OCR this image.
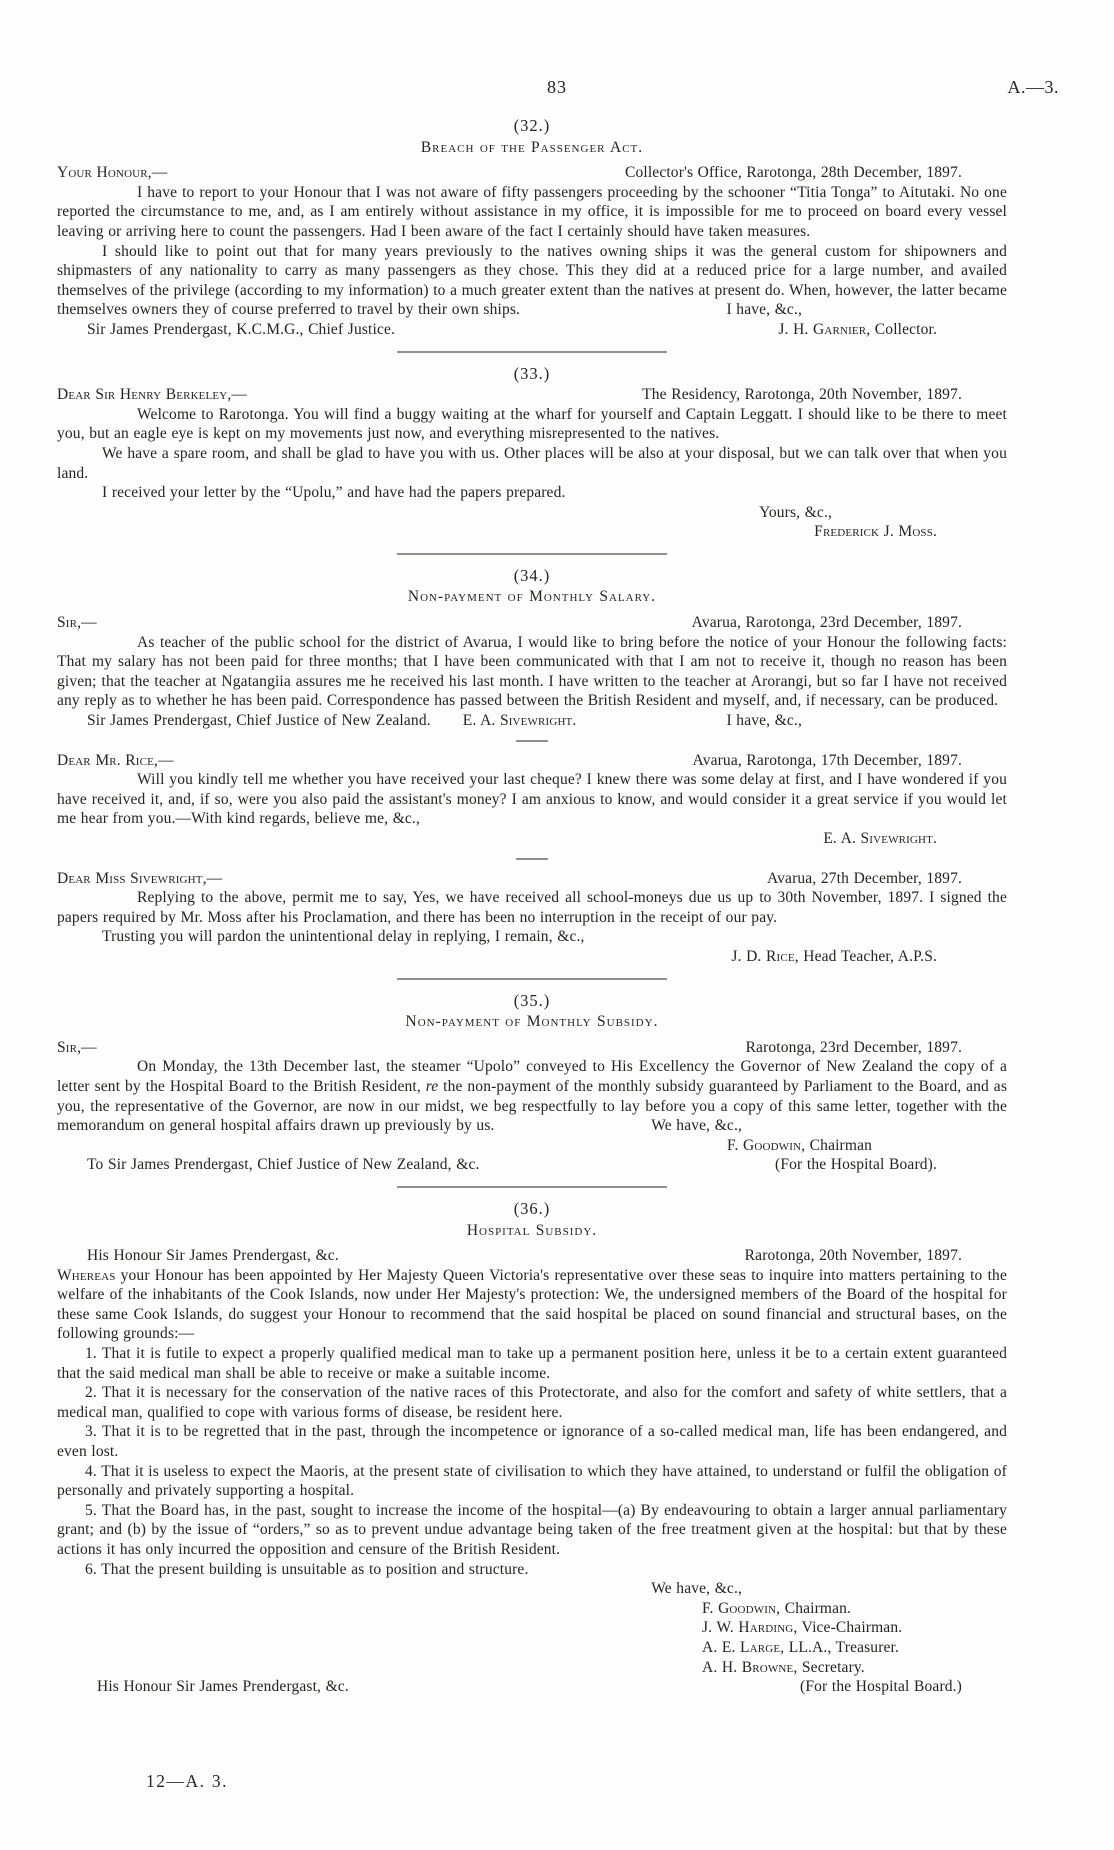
83	A.—3.
(32.)
Breach of the Passenger Act.
Your Honour,—	Collector's Office, Rarotonga, 28th December, 1897.

I have to report to your Honour that I was not aware of fifty passengers proceeding by the schooner “Titia Tonga” to Aitutaki. No one reported the circumstance to me, and, as I am entirely without assistance in my office, it is impossible for me to proceed on board every vessel leaving or arriving here to count the passengers. Had I been aware of the fact I certainly should have taken measures.

I should like to point out that for many years previously to the natives owning ships it was the general custom for shipowners and shipmasters of any nationality to carry as many passengers as they chose. This they did at a reduced price for a large number, and availed themselves of the privilege (according to my information) to a much greater extent than the natives at present do. When, however, the latter became themselves owners they of course preferred to travel by their own ships.	I have, &c.,

Sir James Prendergast, K.C.M.G., Chief Justice.	J. H. Garnier, Collector.
(33.)
Dear Sir Henry Berkeley,—	The Residency, Rarotonga, 20th November, 1897.

Welcome to Rarotonga. You will find a buggy waiting at the wharf for yourself and Captain Leggatt. I should like to be there to meet you, but an eagle eye is kept on my movements just now, and everything misrepresented to the natives.

We have a spare room, and shall be glad to have you with us. Other places will be also at your disposal, but we can talk over that when you land.

I received your letter by the “Upolu,” and have had the papers prepared.

Yours, &c.,
Frederick J. Moss.
(34.)
Non-payment of Monthly Salary.
Sir,—	Avarua, Rarotonga, 23rd December, 1897.

As teacher of the public school for the district of Avarua, I would like to bring before the notice of your Honour the following facts: That my salary has not been paid for three months; that I have been communicated with that I am not to receive it, though no reason has been given; that the teacher at Ngatangiia assures me he received his last month. I have written to the teacher at Arorangi, but so far I have not received any reply as to whether he has been paid. Correspondence has passed between the British Resident and myself, and, if necessary, can be produced.
I have, &c.,

Sir James Prendergast, Chief Justice of New Zealand. E. A. Sivewright.
Dear Mr. Rice,—	Avarua, Rarotonga, 17th December, 1897.

Will you kindly tell me whether you have received your last cheque? I knew there was some delay at first, and I have wondered if you have received it, and, if so, were you also paid the assistant's money? I am anxious to know, and would consider it a great service if you would let me hear from you.—With kind regards, believe me, &c.,

E. A. Sivewright.
Dear Miss Sivewright,—	Avarua, 27th December, 1897.

Replying to the above, permit me to say, Yes, we have received all school-moneys due us up to 30th November, 1897. I signed the papers required by Mr. Moss after his Proclamation, and there has been no interruption in the receipt of our pay.

Trusting you will pardon the unintentional delay in replying, I remain, &c.,

J. D. Rice, Head Teacher, A.P.S.
(35.)
Non-payment of Monthly Subsidy.
Sir,—	Rarotonga, 23rd December, 1897.

On Monday, the 13th December last, the steamer “Upolo” conveyed to His Excellency the Governor of New Zealand the copy of a letter sent by the Hospital Board to the British Resident, re the non-payment of the monthly subsidy guaranteed by Parliament to the Board, and as you, the representative of the Governor, are now in our midst, we beg respectfully to lay before you a copy of this same letter, together with the memorandum on general hospital affairs drawn up previously by us.	We have, &c.,

F. Goodwin, Chairman
To Sir James Prendergast, Chief Justice of New Zealand, &c.	(For the Hospital Board).
(36.)
Hospital Subsidy.
His Honour Sir James Prendergast, &c.	Rarotonga, 20th November, 1897.

Whereas your Honour has been appointed by Her Majesty Queen Victoria's representative over these seas to inquire into matters pertaining to the welfare of the inhabitants of the Cook Islands, now under Her Majesty's protection: We, the undersigned members of the Board of the hospital for these same Cook Islands, do suggest your Honour to recommend that the said hospital be placed on sound financial and structural bases, on the following grounds:—

1. That it is futile to expect a properly qualified medical man to take up a permanent position here, unless it be to a certain extent guaranteed that the said medical man shall be able to receive or make a suitable income.

2. That it is necessary for the conservation of the native races of this Protectorate, and also for the comfort and safety of white settlers, that a medical man, qualified to cope with various forms of disease, be resident here.

3. That it is to be regretted that in the past, through the incompetence or ignorance of a so-called medical man, life has been endangered, and even lost.

4. That it is useless to expect the Maoris, at the present state of civilisation to which they have attained, to understand or fulfil the obligation of personally and privately supporting a hospital.

5. That the Board has, in the past, sought to increase the income of the hospital—(a) By endeavouring to obtain a larger annual parliamentary grant; and (b) by the issue of “orders,” so as to prevent undue advantage being taken of the free treatment given at the hospital: but that by these actions it has only incurred the opposition and censure of the British Resident.

6. That the present building is unsuitable as to position and structure.

We have, &c.,
F. Goodwin, Chairman.
J. W. Harding, Vice-Chairman.
A. E. Large, LL.A., Treasurer.
A. H. Browne, Secretary.
His Honour Sir James Prendergast, &c.	(For the Hospital Board.)
12—A. 3.
